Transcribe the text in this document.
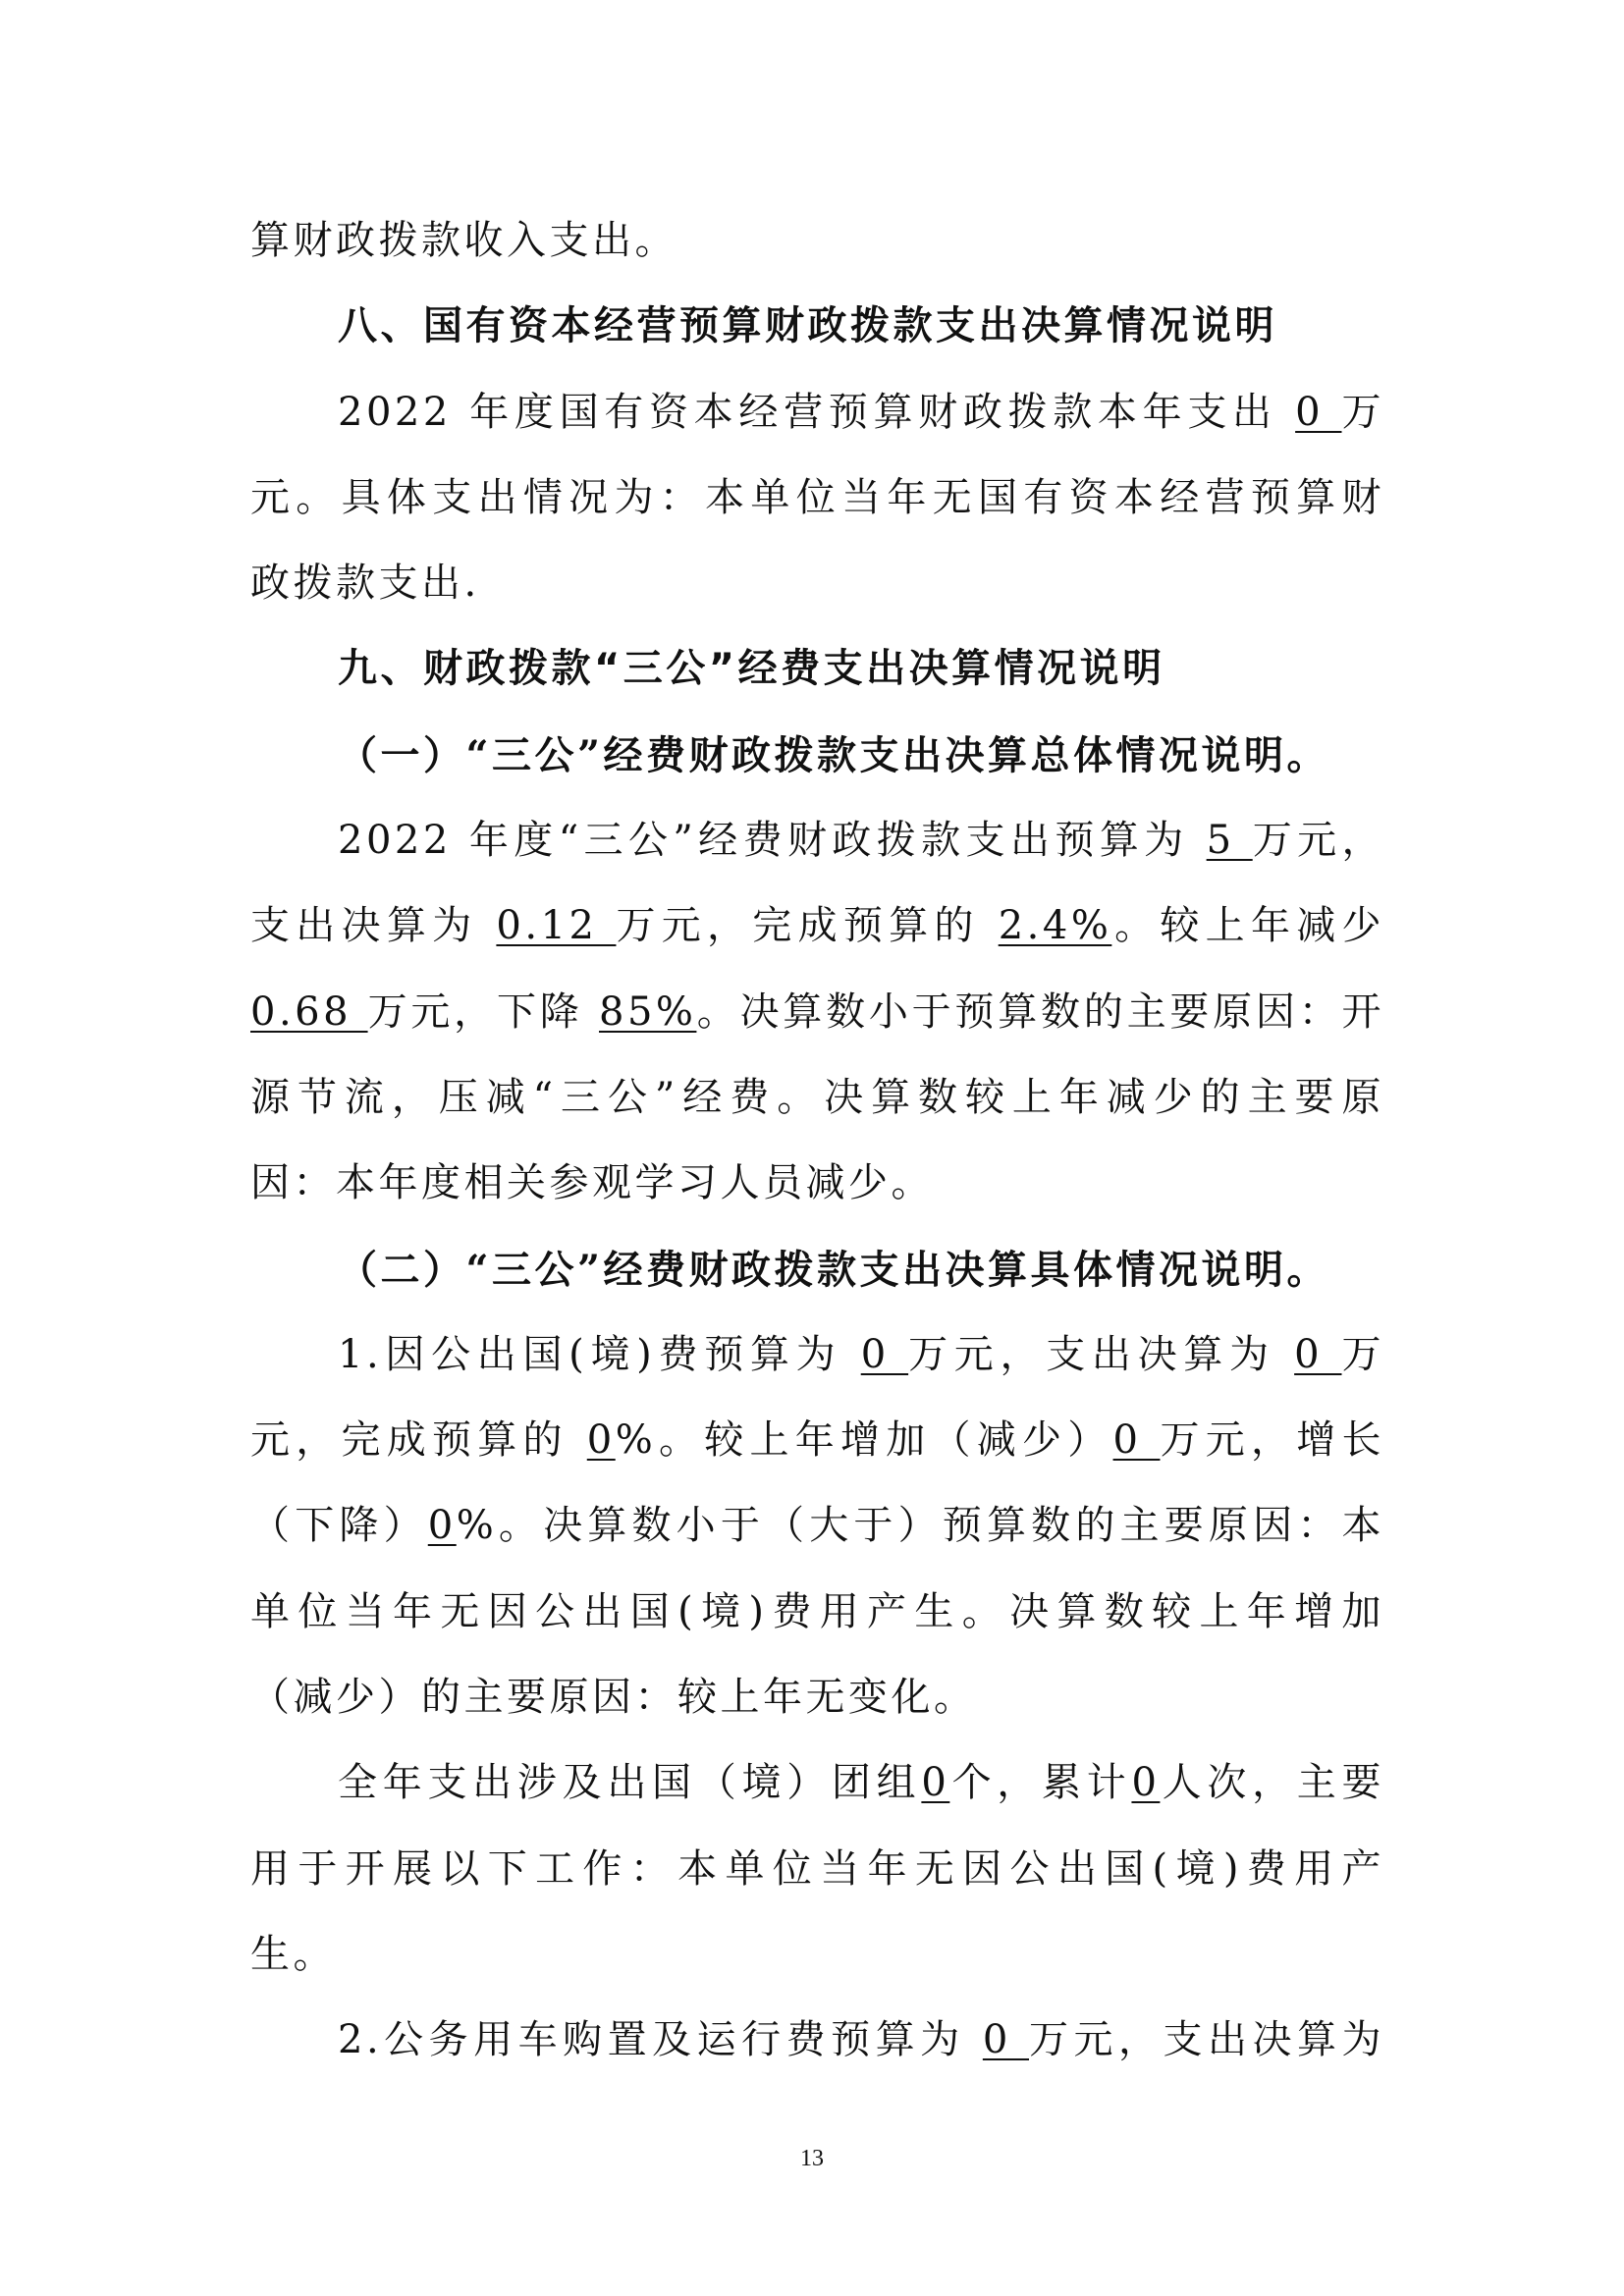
算财政拨款收入支出。
八、国有资本经营预算财政拨款支出决算情况说明
2022 年度国有资本经营预算财政拨款本年支出 0 万
元。具体支出情况为：本单位当年无国有资本经营预算财
政拨款支出.
九、财政拨款“三公”经费支出决算情况说明
（一）“三公”经费财政拨款支出决算总体情况说明。
2022 年度“三公”经费财政拨款支出预算为 5 万元，
支出决算为 0.12 万元，完成预算的 2.4%。较上年减少
0.68 万元，下降 85%。决算数小于预算数的主要原因：开
源节流，压减“三公”经费。决算数较上年减少的主要原
因：本年度相关参观学习人员减少。
（二）“三公”经费财政拨款支出决算具体情况说明。
1.因公出国(境)费预算为 0 万元，支出决算为 0 万
元，完成预算的 0%。较上年增加（减少）0 万元，增长
（下降）0%。决算数小于（大于）预算数的主要原因：本
单位当年无因公出国(境)费用产生。决算数较上年增加
（减少）的主要原因：较上年无变化。
全年支出涉及出国（境）团组0个，累计0人次，主要
用于开展以下工作：本单位当年无因公出国(境)费用产
生。
2.公务用车购置及运行费预算为 0 万元，支出决算为
13
